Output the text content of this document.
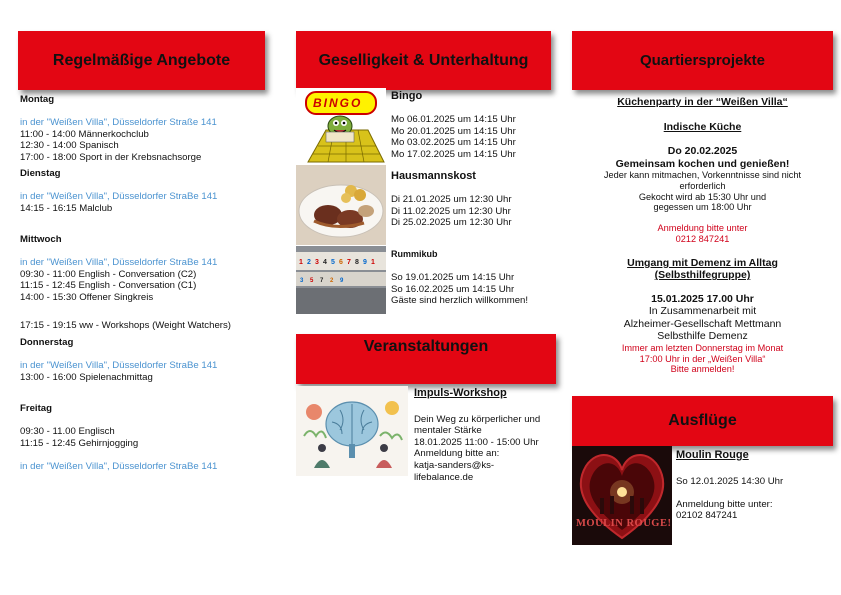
Regelmäßige Angebote
Montag
in der "Weißen Villa", Düsseldorfer Straße 141
11:00 - 14:00 Männerkochclub
12:30 - 14:00 Spanisch
17:00 - 18:00 Sport in der Krebsnachsorge
Dienstag
in der "Weißen Villa", Düsseldorfer StraBe 141
14:15 - 16:15 Malclub
Mittwoch
in der "Weißen Villa", Düsseldorfer StraBe 141
09:30 - 11:00 English - Conversation (C2)
11:15 - 12:45 English - Conversation (C1)
14:00 - 15:30 Offener Singkreis
17:15 - 19:15 ww - Workshops (Weight Watchers)
Donnerstag
in der "Weißen Villa", Düsseldorfer StraBe 141
13:00 - 16:00 Spielenachmittag
Freitag
09:30 - 11.00 Englisch
11:15 - 12:45 Gehirnjogging
in der "Weißen Villa", Düsseldorfer StraBe 141
Geselligkeit & Unterhaltung
BINGO	Bingo
Mo 06.01.2025 um 14:15 Uhr
Mo 20.01.2025 um 14:15 Uhr
Mo 03.02.2025 um 14:15 Uhr
Mo 17.02.2025 um 14:15 Uhr
Hausmannskost
Di 21.01.2025 um 12:30 Uhr
Di 11.02.2025 um 12:30 Uhr
Di 25.02.2025 um 12:30 Uhr
1 2 3 4 5 6 7 8 9 1
3 5 7 2 9
Rummikub
So 19.01.2025 um 14:15 Uhr
So 16.02.2025 um 14:15 Uhr
Gäste sind herzlich willkommen!
Veranstaltungen
Impuls-Workshop
Dein Weg zu körperlicher und
mentaler Stärke
18.01.2025 11:00 - 15:00 Uhr
Anmeldung bitte an:
katja-sanders@ks-
lifebalance.de
Quartiersprojekte
Küchenparty in der “Weißen Villa“
Indische Küche
Do 20.02.2025
Gemeinsam kochen und genießen!
Jeder kann mitmachen, Vorkenntnisse sind nicht
erforderlich
Gekocht wird ab 15:30 Uhr und
gegessen um 18:00 Uhr
Anmeldung bitte unter
0212 847241
Umgang mit Demenz im Alltag
(Selbsthilfegruppe)
15.01.2025 17.00 Uhr
In Zusammenarbeit mit
Alzheimer-Gesellschaft Mettmann
Selbsthilfe Demenz
Immer am letzten Donnerstag im Monat
17:00 Uhr in der „Weißen Villa“
Bitte anmelden!
Ausflüge
MOULIN ROUGE!
Moulin Rouge
So 12.01.2025 14:30 Uhr
Anmeldung bitte unter:
02102 847241
